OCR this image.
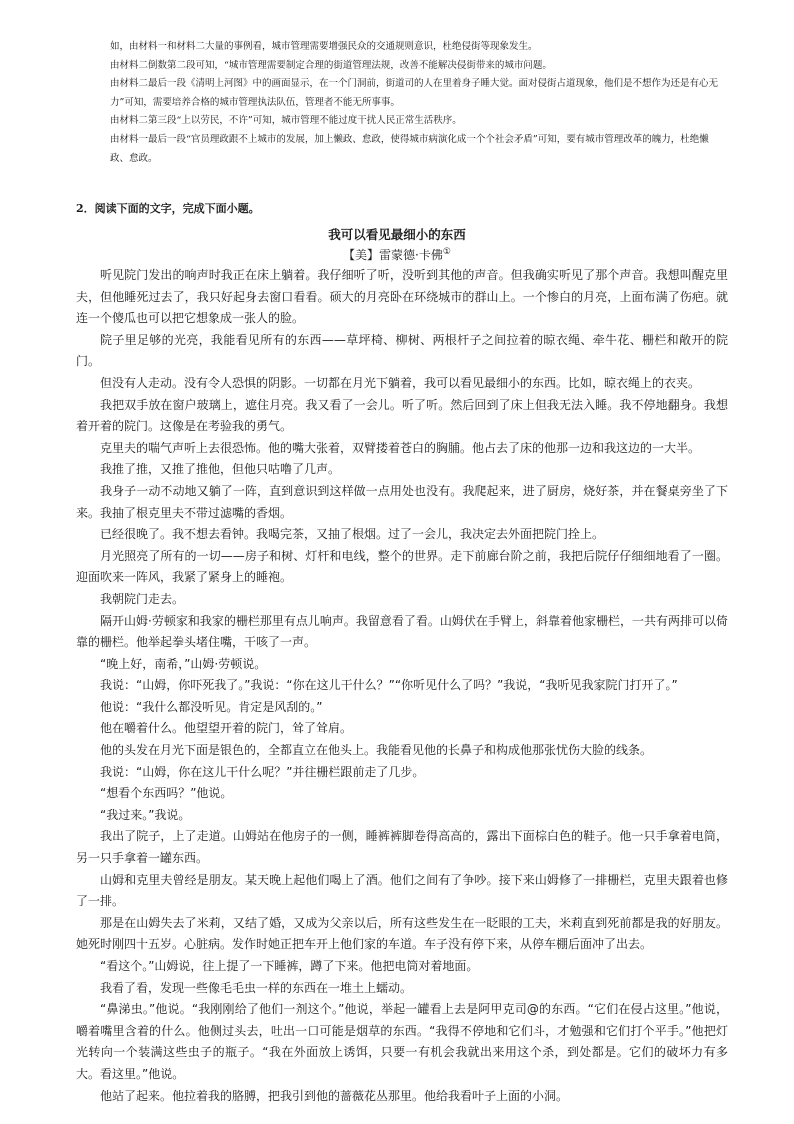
如，由材料一和材料二大量的事例看，城市管理需要增强民众的交通规则意识，杜绝侵街等现象发生。

由材料二倒数第二段可知，“城市管理需要制定合理的街道管理法规，改善不能解决侵街带来的城市问题。

由材料二最后一段《清明上河图》中的画面显示，在一个门洞前，街道司的人在里着身子睡大觉。面对侵街占道现象，他们是不想作为还是有心无力”可知，需要培养合格的城市管理执法队伍，管理者不能无所事事。

由材料二第三段“上以劳民，不许”可知，城市管理不能过度干扰人民正常生活秩序。

由材料一最后一段“官员理政跟不上城市的发展，加上懒政、怠政，使得城市病演化成一个个社会矛盾”可知，要有城市管理改革的魄力，杜绝懒政、怠政。

2．阅读下面的文字，完成下面小题。
我可以看见最细小的东西
【美】雷蒙德·卡佛①

听见院门发出的响声时我正在床上躺着。我仔细听了听，没听到其他的声音。但我确实听见了那个声音。我想叫醒克里夫，但他睡死过去了，我只好起身去窗口看看。硕大的月亮卧在环绕城市的群山上。一个惨白的月亮，上面布满了伤疤。就连一个傻瓜也可以把它想象成一张人的脸。

院子里足够的光亮，我能看见所有的东西——草坪椅、柳树、两根杆子之间拉着的晾衣绳、牵牛花、栅栏和敞开的院门。

但没有人走动。没有令人恐惧的阴影。一切都在月光下躺着，我可以看见最细小的东西。比如，晾衣绳上的衣夹。

我把双手放在窗户玻璃上，遮住月亮。我又看了一会儿。听了听。然后回到了床上但我无法入睡。我不停地翻身。我想着开着的院门。这像是在考验我的勇气。

克里夫的喘气声听上去很恐怖。他的嘴大张着，双臂搂着苍白的胸脯。他占去了床的他那一边和我这边的一大半。

我推了推，又推了推他，但他只咕噜了几声。

我身子一动不动地又躺了一阵，直到意识到这样做一点用处也没有。我爬起来，进了厨房，烧好茶，并在餐桌旁坐了下来。我抽了根克里夫不带过滤嘴的香烟。

已经很晚了。我不想去看钟。我喝完茶，又抽了根烟。过了一会儿，我决定去外面把院门拴上。

月光照亮了所有的一切——房子和树、灯杆和电线，整个的世界。走下前廊台阶之前，我把后院仔仔细细地看了一圈。迎面吹来一阵风，我紧了紧身上的睡袍。

我朝院门走去。

隔开山姆·劳顿家和我家的栅栏那里有点儿响声。我留意看了看。山姆伏在手臂上，斜靠着他家栅栏，一共有两排可以倚靠的栅栏。他举起拳头堵住嘴，干咳了一声。

“晚上好，南希，”山姆·劳顿说。

我说：“山姆，你吓死我了。”我说：“你在这儿干什么？”“你听见什么了吗？”我说，“我听见我家院门打开了。”

他说：“我什么都没听见。肯定是风刮的。”

他在嚼着什么。他望望开着的院门，耸了耸肩。

他的头发在月光下面是银色的，全都直立在他头上。我能看见他的长鼻子和构成他那张忧伤大脸的线条。

我说：“山姆，你在这儿干什么呢？”并往栅栏跟前走了几步。

“想看个东西吗？”他说。

“我过来。”我说。

我出了院子，上了走道。山姆站在他房子的一侧，睡裤裤脚卷得高高的，露出下面棕白色的鞋子。他一只手拿着电筒，另一只手拿着一罐东西。

山姆和克里夫曾经是朋友。某天晚上起他们喝上了酒。他们之间有了争吵。接下来山姆修了一排栅栏，克里夫跟着也修了一排。

那是在山姆失去了米莉，又结了婚，又成为父亲以后，所有这些发生在一眨眼的工夫，米莉直到死前都是我的好朋友。她死时刚四十五岁。心脏病。发作时她正把车开上他们家的车道。车子没有停下来，从停车棚后面冲了出去。

“看这个。”山姆说，往上提了一下睡裤，蹲了下来。他把电筒对着地面。

我看了看，发现一些像毛毛虫一样的东西在一堆土上蠕动。

“鼻涕虫。”他说。“我刚刚给了他们一剂这个。”他说，举起一罐看上去是阿甲克司@的东西。“它们在侵占这里。”他说，嚼着嘴里含着的什么。他侧过头去，吐出一口可能是烟草的东西。“我得不停地和它们斗，才勉强和它们打个平手。”他把灯光转向一个装满这些虫子的瓶子。“我在外面放上诱饵，只要一有机会我就出来用这个杀，到处都是。它们的破坏力有多大。看这里。”他说。

他站了起来。他拉着我的胳膊，把我引到他的蔷薇花丛那里。他给我看叶子上面的小洞。
